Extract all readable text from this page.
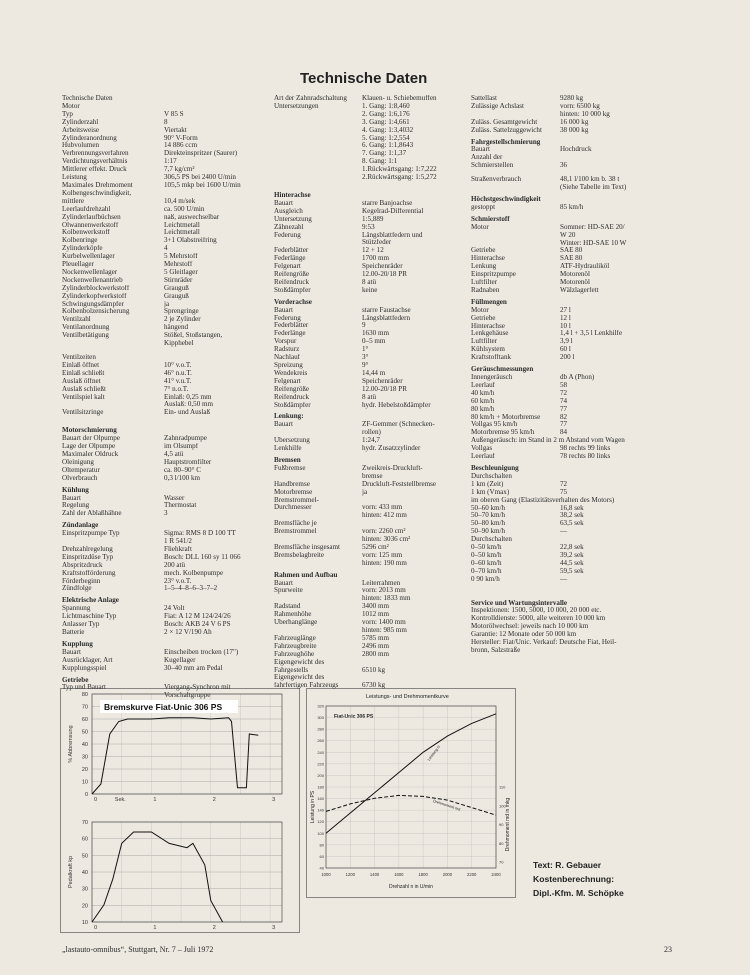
Technische Daten
Technische Daten
Motor
Typ	V 85 S
Zylinderzahl	8
Arbeitsweise	Viertakt
Zylinderanordnung	90° V-Form
Hubvolumen	14 886 ccm
Verbrennungsverfahren	Direkteinspritzer (Saurer)
Verdichtungsverhältnis	1:17
Mittlerer effekt. Druck	7,7 kg/cm²
Leistung	306,5 PS bei 2400 U/min
Maximales Drehmoment	105,5 mkp bei 1600 U/min
Kolbengeschwindigkeit,
mittlere	10,4 m/sek
Leerlaufdrehzahl	ca. 500 U/min
Zylinderlaufbüchsen	naß, auswechselbar
Olwannenwerkstoff	Leichtmetall
Kolbenwerkstoff	Leichtmetall
Kolbenringe	3+1 Ölabstreifring
Zylinderköpfe	4
Kurbelwellenlager	5 Mehrstoff
Pleuellager	Mehrstoff
Nockenwellenlager	5 Gleitlager
Nockenwellenantrieb	Stirnräder
Zylinderblockwerkstoff	Grauguß
Zylinderkopfwerkstoff	Grauguß
Schwingungsdämpfer	ja
Kolbenbolzensicherung	Sprengringe
Ventilzahl	2 je Zylinder
Ventilanordnung	hängend
Ventilbetätigung	Stößel, Stoßstangen,
Kipphebel
Ventilzeiten
Einlaß öffnet	10° v.o.T.
Einlaß schließt	46° n.u.T.
Auslaß öffnet	41° v.u.T.
Auslaß schließt	7° n.o.T.
Ventilspiel kalt	Einlaß: 0,25 mm
Auslaß: 0,50 mm
Ventilsitzringe	Ein- und Auslaß
Motorschmierung
Bauart der Olpumpe	Zahnradpumpe
Lage der Olpumpe	im Olsumpf
Maximaler Oldruck	4,5 atü
Oleinigung	Hauptstromfilter
Oltemperatur	ca. 80–90° C
Olverbrauch	0,3 l/100 km
Kühlung
Bauart	Wasser
Regelung	Thermostat
Zahl der Ablaßhähne	3
Zündanlage
Einspritzpumpe Typ	Sigma: RMS 8 D 100 TT
1 R 541/2
Drehzahlregelung	Fliehkraft
Einspritzdüse Typ	Bosch: DLL 160 sy 11 066
Abspritzdruck	200 atü
Kraftstofförderung	mech. Kolbenpumpe
Förderbeginn	23° v.o.T.
Zündfolge	1–5–4–8–6–3–7–2
Elektrische Anlage
Spannung	24 Volt
Lichtmaschine Typ	Fiat: A 12 M 124/24/26
Anlasser Typ	Bosch: AKB 24 V 6 PS
Batterie	2 × 12 V/190 Ah
Kupplung
Bauart	Einscheiben trocken (17")
Ausrücklager, Art	Kugellager
Kupplungsspiel	30–40 mm am Pedal
Getriebe
Typ und Bauart	Viergang-Synchron mit
Vorschaltgruppe
Art der Zahnradschaltung	Klauen- u. Schiebemuffen
Untersetzungen	1. Gang: 1:8,460
2. Gang: 1:6,176
3. Gang: 1:4,661
4. Gang: 1:3,4032
5. Gang: 1:2,554
6. Gang: 1:1,8643
7. Gang: 1:1,37
8. Gang: 1:1
1.Rückwärtsgang: 1:7,222
2.Rückwärtsgang: 1:5,272
Hinterachse
Bauart	starre Banjoachse
Ausgleich	Kegelrad-Differential
Untersetzung	1:5,889
Zähnezahl	9:53
Federung	Längsblattfedern und
Stützfeder
Federblätter	12 + 12
Federlänge	1700 mm
Felgenart	Speichenräder
Reifengröße	12.00-20/18 PR
Reifendruck	8 atü
Stoßdämpfer	keine
Vorderachse
Bauart	starre Faustachse
Federung	Längsblattfedern
Federblätter	9
Federlänge	1630 mm
Vorspur	0–5 mm
Radsturz	1°
Nachlauf	3°
Spreizung	9°
Wendekreis	14,44 m
Felgenart	Speichenräder
Reifengröße	12.00-20/18 PR
Reifendruck	8 atü
Stoßdämpfer	hydr. Hebelstoßdämpfer
Lenkung:
Bauart	ZF-Gemmer (Schnecken-
rollen)
Übersetzung	1:24,7
Lenkhilfe	hydr. Zusatzzylinder
Bremsen
Fußbremse	Zweikreis-Druckluft-
bremse
Handbremse	Druckluft-Feststellbremse
Motorbremse	ja
Bremstrommel-
Durchmesser	vorn: 433 mm
hinten: 412 mm
Bremsfläche je
Bremstrommel	vorn: 2260 cm²
hinten: 3036 cm²
Bremsfläche insgesamt	5296 cm²
Bremsbelagbreite	vorn: 125 mm
hinten: 190 mm
Rahmen und Aufbau
Bauart	Leiterrahmen
Spurweite	vorn: 2013 mm
hinten: 1833 mm
Radstand	3400 mm
Rahmenhöhe	1012 mm
Überhanglänge	vorn: 1400 mm
hinten: 985 mm
Fahrzeuglänge	5785 mm
Fahrzeugbreite	2496 mm
Fahrzeughöhe	2800 mm
Eigengewicht des
Fahrgestells	6510 kg
Eigengewicht des
fahrfertigen Fahrzeugs	6730 kg
Sattellast	9280 kg
Zulässige Achslast	vorn: 6500 kg
hinten: 10 000 kg
Zuläss. Gesamtgewicht	16 000 kg
Zuläss. Sattelzuggewicht	38 000 kg
Fahrgestellschmierung
Bauart	Hochdruck
Anzahl der
Schmierstellen	36
Straßenverbrauch	48,1 l/100 km b. 38 t
(Siehe Tabelle im Text)
Höchstgeschwindigkeit
gestoppt	85 km/h
Schmierstoff
Motor	Sommer: HD-SAE 20/
W 20
Winter: HD-SAE 10 W
Getriebe	SAE 80
Hinterachse	SAE 80
Lenkung	ATF-Hydrauliköl
Einspritzpumpe	Motorenöl
Luftfilter	Motorenöl
Radnaben	Wälzlagerfett
Füllmengen
Motor	27 l
Getriebe	12 l
Hinterachse	10 l
Lenkgehäuse	1,4 l + 3,5 l Lenkhilfe
Luftfilter	3,9 l
Kühlsystem	60 l
Kraftstofftank	200 l
Geräuschmessungen
Innengeräusch	db A (Phon)
Leerlauf	58
40 km/h	72
60 km/h	74
80 km/h	77
80 km/h + Motorbremse	82
Vollgas 95 km/h	77
Motorbremse 95 km/h	84
Außengeräusch: im Stand in 2 m Abstand vom Wagen
Vollgas	98 rechts 99 links
Leerlauf	78 rechts 80 links
Beschleunigung
Durchschalten
1 km (Zeit)	72
1 km (Vmax)	75
im oberen Gang (Elastizitätsverhalten des Motors)
50–60 km/h	16,8 sek
50–70 km/h	38,2 sek
50–80 km/h	63,5 sek
50–90 km/h	—
Durchschalten
0–50 km/h	22,8 sek
0–50 km/h	39,2 sek
0–60 km/h	44,5 sek
0–70 km/h	59,5 sek
0 90 km/h	—
Service und Wartungsintervalle
Inspektionen: 1500, 5000, 10 000, 20 000 etc.
Kontrolldienste: 5000, alle weiteren 10 000 km
Motorölwechsel: jeweils nach 10 000 km
Garantie: 12 Monate oder 50 000 km
Hersteller: Fiat/Unic. Verkauf: Deutsche Fiat, Heil-
bronn, Salzstraße
80
70
60
50
40
30
20
10
0
0	Sek.	1	2	3
% Abbremsung
Bremskurve Fiat-Unic 306 PS
70
60
50
40
30
20
10
0	1	2	3
Pedalkraft kp
Leistungs- und Drehmomentkurve
Fiat-Unic 306 PS
1000	1200	1400	1600	1800	2000	2200	2400
320
300
280
260
240
220
200
180
160
140
120
100
80
60
40
110
100
90
80
70
Drehzahl n in U/min
Leistung in PS	Drehmoment md in mkg
Leistung N
Drehmoment md
Text: R. Gebauer
Kostenberechnung:
Dipl.-Kfm. M. Schöpke
„lastauto-omnibus“, Stuttgart, Nr. 7 – Juli 1972	23
